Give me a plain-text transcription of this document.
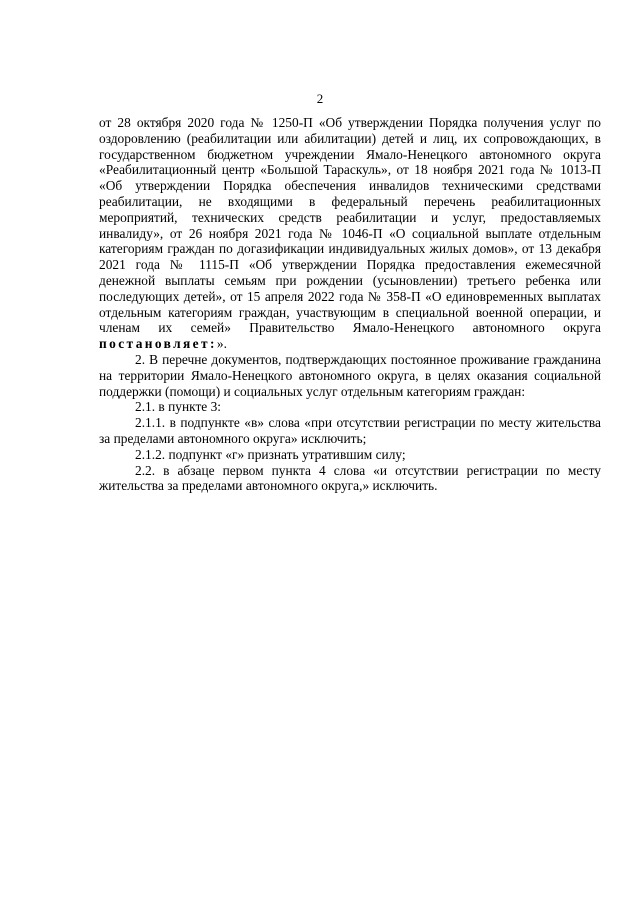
2

от 28 октября 2020 года № 1250-П «Об утверждении Порядка получения услуг по оздоровлению (реабилитации или абилитации) детей и лиц, их сопровождающих, в государственном бюджетном учреждении Ямало-Ненецкого автономного округа «Реабилитационный центр «Большой Тараскуль», от 18 ноября 2021 года № 1013-П «Об утверждении Порядка обеспечения инвалидов техническими средствами реабилитации, не входящими в федеральный перечень реабилитационных мероприятий, технических средств реабилитации и услуг, предоставляемых инвалиду», от 26 ноября 2021 года № 1046-П «О социальной выплате отдельным категориям граждан по догазификации индивидуальных жилых домов», от 13 декабря 2021 года № 1115-П «Об утверждении Порядка предоставления ежемесячной денежной выплаты семьям при рождении (усыновлении) третьего ребенка или последующих детей», от 15 апреля 2022 года № 358-П «О единовременных выплатах отдельным категориям граждан, участвующим в специальной военной операции, и членам их семей» Правительство Ямало-Ненецкого автономного округа постановляет:».

2. В перечне документов, подтверждающих постоянное проживание гражданина на территории Ямало-Ненецкого автономного округа, в целях оказания социальной поддержки (помощи) и социальных услуг отдельным категориям граждан:

2.1. в пункте 3:

2.1.1. в подпункте «в» слова «при отсутствии регистрации по месту жительства за пределами автономного округа» исключить;

2.1.2. подпункт «г» признать утратившим силу;

2.2. в абзаце первом пункта 4 слова «и отсутствии регистрации по месту жительства за пределами автономного округа,» исключить.
